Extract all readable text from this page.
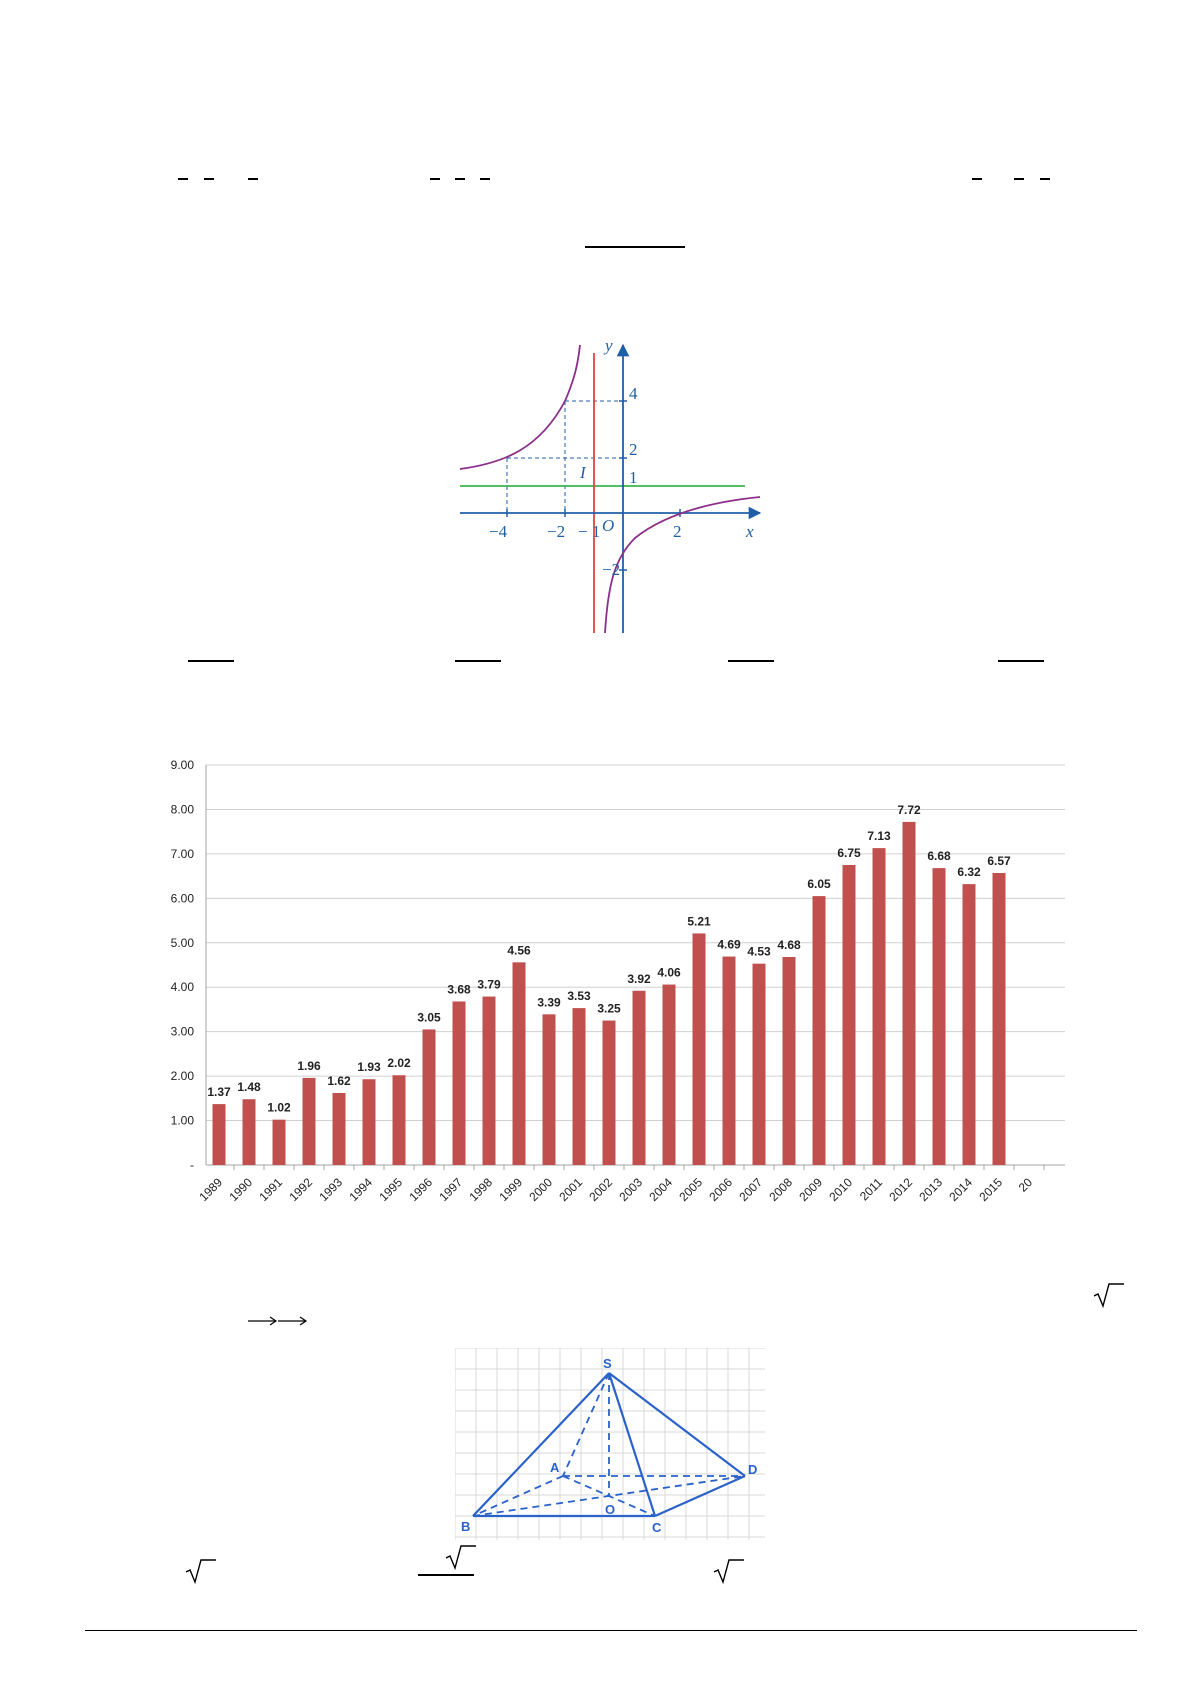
y
x
O
I
−4 −2 − 1	2
4
2
1
−2
-
1.00
2.00
3.00
4.00
5.00
6.00
7.00
8.00
9.00
1.37
1989
1.48
1990
1.02
1991
1.96
1992
1.62
1993
1.93
1994
2.02
1995
3.05
1996
3.68
1997
3.79
1998
4.56
1999
3.39
2000
3.53
2001
3.25
2002
3.92
2003
4.06
2004
5.21
2005
4.69
2006
4.53
2007
4.68
2008
6.05
2009
6.75
2010
7.13
2011
7.72
2012
6.68
2013
6.32
2014
6.57
2015 20
S
A
B	C
D
O
